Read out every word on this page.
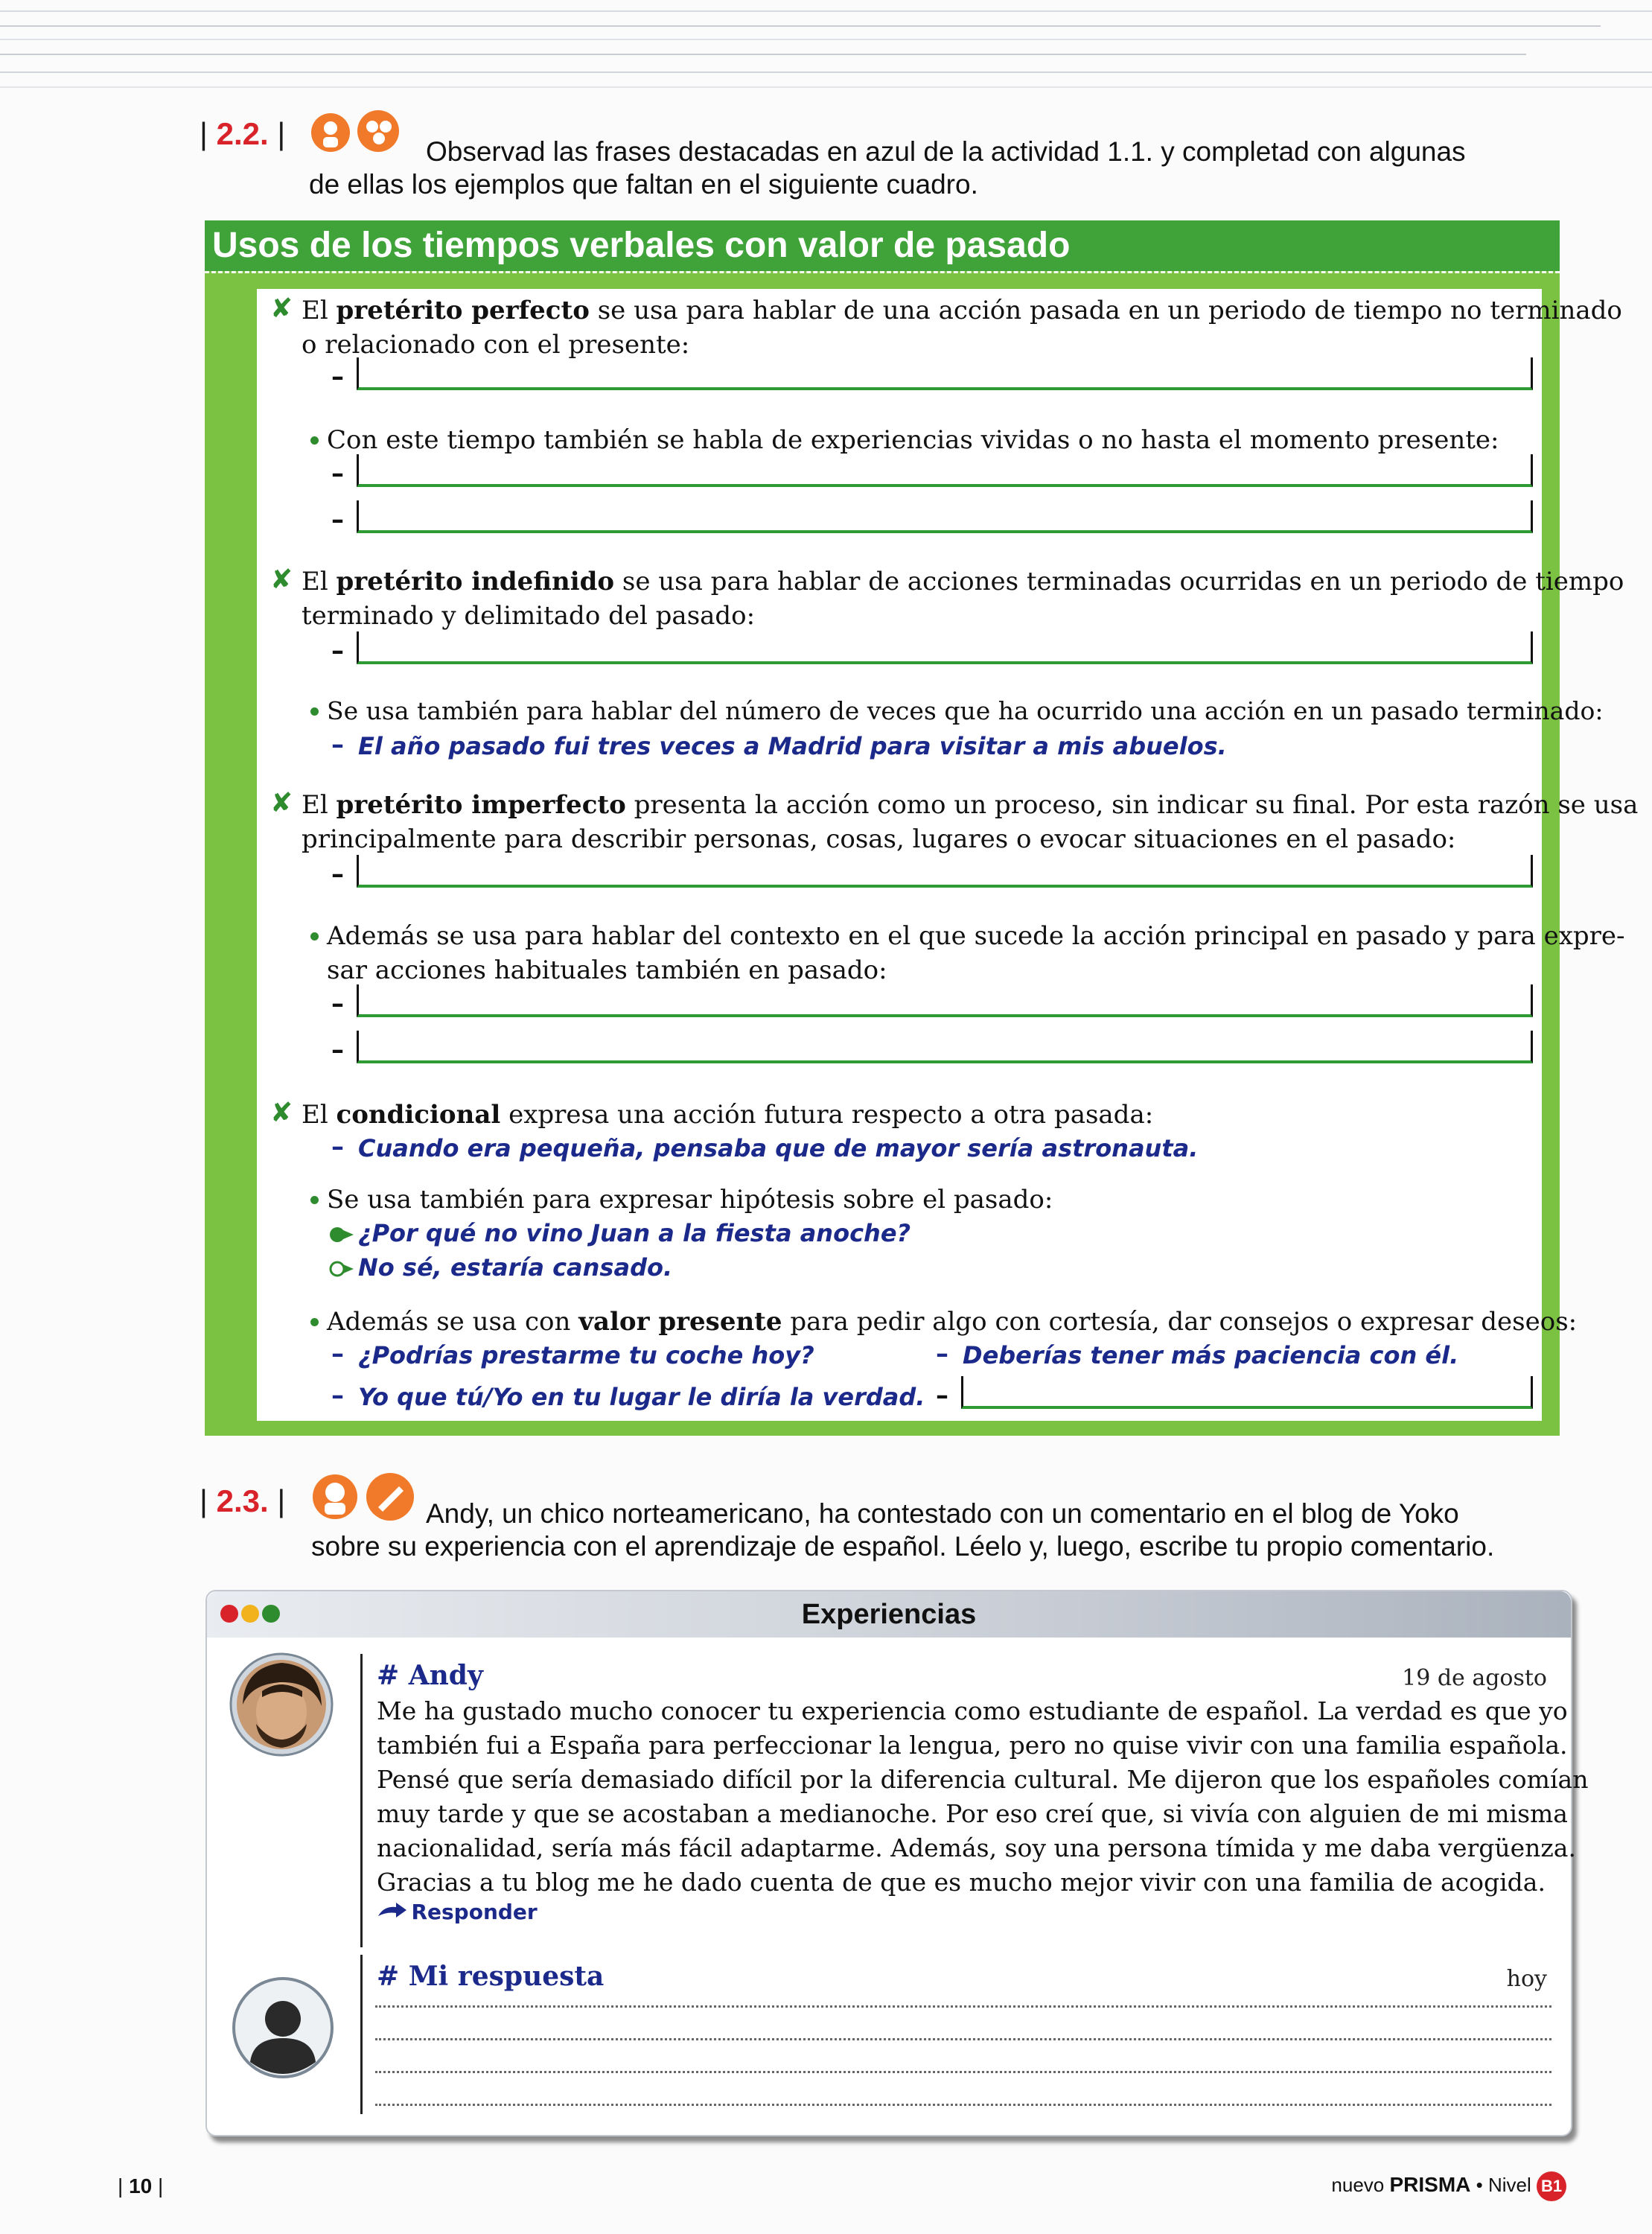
| 2.2. |
Observad las frases destacadas en azul de la actividad 1.1. y completad con algunas
de ellas los ejemplos que faltan en el siguiente cuadro.
Usos de los tiempos verbales con valor de pasado
✘ El pretérito perfecto se usa para hablar de una acción pasada en un periodo de tiempo no terminado
o relacionado con el presente:
–
Con este tiempo también se habla de experiencias vividas o no hasta el momento presente:
–
–
✘ El pretérito indefinido se usa para hablar de acciones terminadas ocurridas en un periodo de tiempo
terminado y delimitado del pasado:
–
Se usa también para hablar del número de veces que ha ocurrido una acción en un pasado terminado:
– El año pasado fui tres veces a Madrid para visitar a mis abuelos.
✘ El pretérito imperfecto presenta la acción como un proceso, sin indicar su final. Por esta razón se usa
principalmente para describir personas, cosas, lugares o evocar situaciones en el pasado:
–
Además se usa para hablar del contexto en el que sucede la acción principal en pasado y para expre-
sar acciones habituales también en pasado:
–
–
✘ El condicional expresa una acción futura respecto a otra pasada:
– Cuando era pequeña, pensaba que de mayor sería astronauta.
Se usa también para expresar hipótesis sobre el pasado:
¿Por qué no vino Juan a la fiesta anoche?
No sé, estaría cansado.
Además se usa con valor presente para pedir algo con cortesía, dar consejos o expresar deseos:
– ¿Podrías prestarme tu coche hoy?	– Deberías tener más paciencia con él.
– Yo que tú/Yo en tu lugar le diría la verdad. –
| 2.3. |	Andy, un chico norteamericano, ha contestado con un comentario en el blog de Yoko
sobre su experiencia con el aprendizaje de español. Léelo y, luego, escribe tu propio comentario.
Experiencias
# Andy	19 de agosto
Me ha gustado mucho conocer tu experiencia como estudiante de español. La verdad es que yo
también fui a España para perfeccionar la lengua, pero no quise vivir con una familia española.
Pensé que sería demasiado difícil por la diferencia cultural. Me dijeron que los españoles comían
muy tarde y que se acostaban a medianoche. Por eso creí que, si vivía con alguien de mi misma
nacionalidad, sería más fácil adaptarme. Además, soy una persona tímida y me daba vergüenza.
Gracias a tu blog me he dado cuenta de que es mucho mejor vivir con una familia de acogida.
Responder
# Mi respuesta	hoy
| 10 |	nuevo PRISMA • Nivel B1
